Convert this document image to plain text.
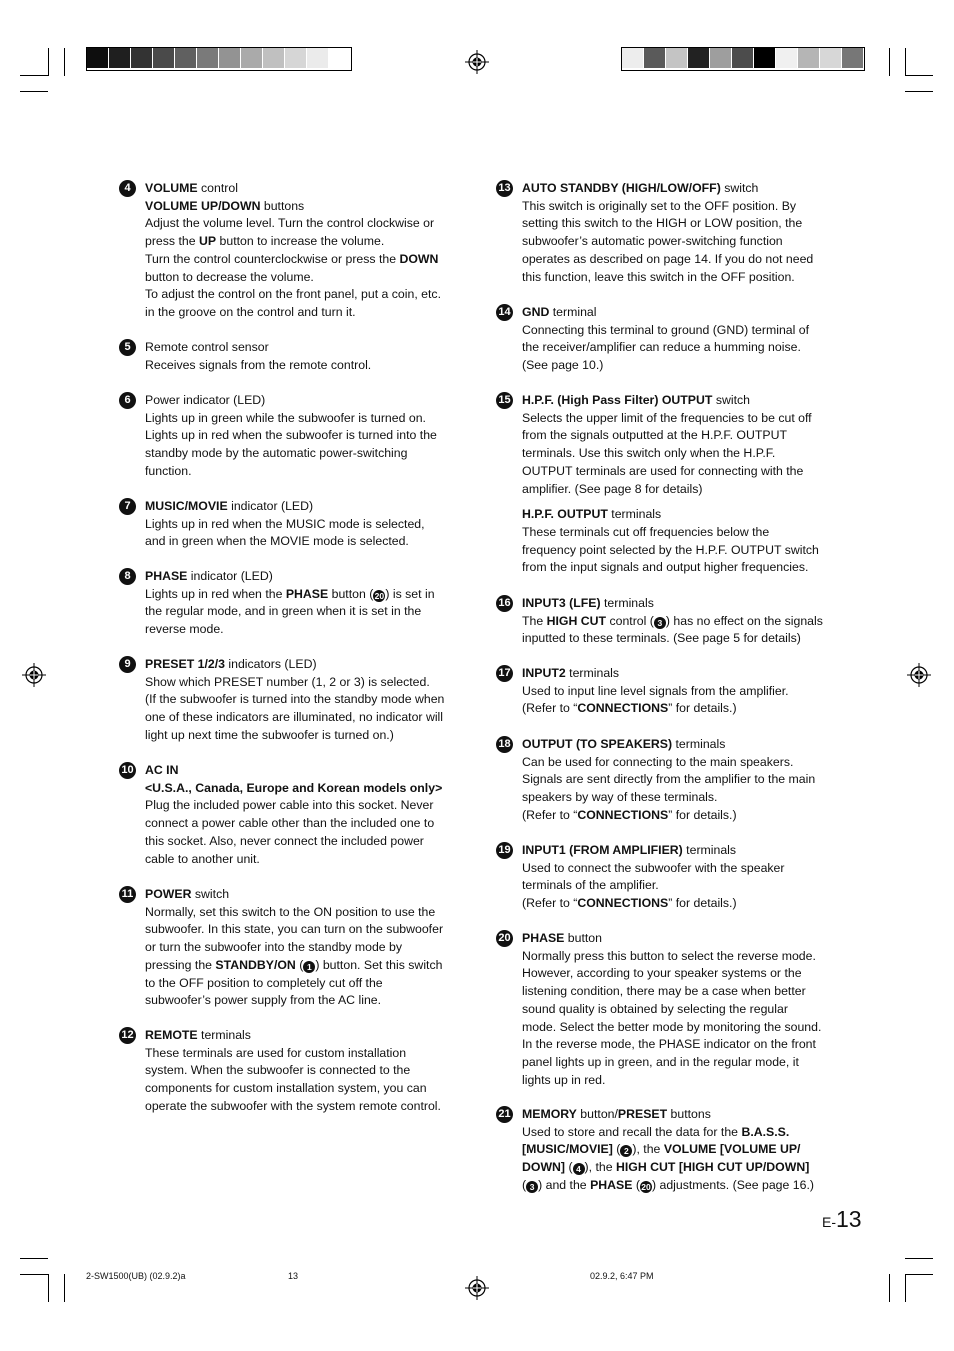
4	VOLUME control

VOLUME UP/DOWN buttons

Adjust the volume level. Turn the control clockwise or

press the UP button to increase the volume.

Turn the control counterclockwise or press the DOWN

button to decrease the volume.

To adjust the control on the front panel, put a coin, etc.

in the groove on the control and turn it.

5	Remote control sensor

Receives signals from the remote control.

6	Power indicator (LED)

Lights up in green while the subwoofer is turned on.

Lights up in red when the subwoofer is turned into the

standby mode by the automatic power-switching

function.

7	MUSIC/MOVIE indicator (LED)

Lights up in red when the MUSIC mode is selected,

and in green when the MOVIE mode is selected.

8	PHASE indicator (LED)

Lights up in red when the PHASE button (20) is set in

the regular mode, and in green when it is set in the

reverse mode.

9	PRESET 1/2/3 indicators (LED)

Show which PRESET number (1, 2 or 3) is selected.

(If the subwoofer is turned into the standby mode when

one of these indicators are illuminated, no indicator will

light up next time the subwoofer is turned on.)

10 AC IN

<U.S.A., Canada, Europe and Korean models only>

Plug the included power cable into this socket. Never

connect a power cable other than the included one to

this socket. Also, never connect the included power

cable to another unit.

11 POWER switch

Normally, set this switch to the ON position to use the

subwoofer. In this state, you can turn on the subwoofer

or turn the subwoofer into the standby mode by

pressing the STANDBY/ON ( 1 ) button. Set this switch

to the OFF position to completely cut off the

subwoofer’s power supply from the AC line.

12 REMOTE terminals

These terminals are used for custom installation

system. When the subwoofer is connected to the

components for custom installation system, you can

operate the subwoofer with the system remote control.

13 AUTO STANDBY (HIGH/LOW/OFF) switch

This switch is originally set to the OFF position. By

setting this switch to the HIGH or LOW position, the

subwoofer’s automatic power-switching function

operates as described on page 14. If you do not need

this function, leave this switch in the OFF position.

14 GND terminal

Connecting this terminal to ground (GND) terminal of

the receiver/amplifier can reduce a humming noise.

(See page 10.)

15 H.P.F. (High Pass Filter) OUTPUT switch

Selects the upper limit of the frequencies to be cut off

from the signals outputted at the H.P.F. OUTPUT

terminals. Use this switch only when the H.P.F.

OUTPUT terminals are used for connecting with the

amplifier. (See page 8 for details)

H.P.F. OUTPUT terminals

These terminals cut off frequencies below the

frequency point selected by the H.P.F. OUTPUT switch

from the input signals and output higher frequencies.

16 INPUT3 (LFE) terminals

The HIGH CUT control ( 3 ) has no effect on the signals

inputted to these terminals. (See page 5 for details)

17 INPUT2 terminals

Used to input line level signals from the amplifier.

(Refer to “CONNECTIONS” for details.)

18 OUTPUT (TO SPEAKERS) terminals

Can be used for connecting to the main speakers.

Signals are sent directly from the amplifier to the main

speakers by way of these terminals.

(Refer to “CONNECTIONS” for details.)

19 INPUT1 (FROM AMPLIFIER) terminals

Used to connect the subwoofer with the speaker

terminals of the amplifier.

(Refer to “CONNECTIONS” for details.)

20 PHASE button

Normally press this button to select the reverse mode.

However, according to your speaker systems or the

listening condition, there may be a case when better

sound quality is obtained by selecting the regular

mode. Select the better mode by monitoring the sound.

In the reverse mode, the PHASE indicator on the front

panel lights up in green, and in the regular mode, it

lights up in red.

21 MEMORY button/PRESET buttons

Used to store and recall the data for the B.A.S.S.

[MUSIC/MOVIE] ( 2 ), the VOLUME [VOLUME UP/

DOWN] ( 4 ), the HIGH CUT [HIGH CUT UP/DOWN]

( 3 ) and the PHASE (20) adjustments. (See page 16.)

E-13
2-SW1500(UB) (02.9.2)a	13	02.9.2, 6:47 PM
